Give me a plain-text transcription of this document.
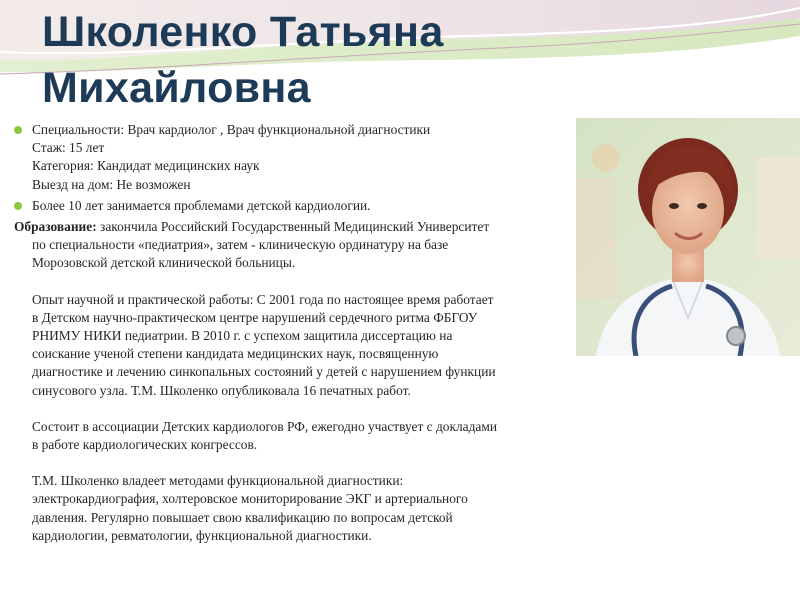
Школенко Татьяна Михайловна
Специальности: Врач кардиолог , Врач функциональной диагностики
Стаж: 15 лет
Категория: Кандидат медицинских наук
Выезд на дом: Не возможен
Более 10 лет занимается проблемами детской кардиологии.
Образование: закончила Российский Государственный Медицинский Университет
по специальности «педиатрия», затем - клиническую ординатуру на базе
Морозовской детской клинической больницы.
Опыт научной и практической работы: С 2001 года по настоящее время работает
в Детском научно-практическом центре нарушений сердечного ритма ФБГОУ
РНИМУ НИКИ педиатрии. В 2010 г. с успехом защитила диссертацию на
соискание ученой степени кандидата медицинских наук, посвященную
диагностике и лечению синкопальных состояний у детей с нарушением функции
синусового узла. Т.М. Школенко опубликовала 16 печатных работ.
Состоит в ассоциации Детских кардиологов РФ, ежегодно участвует с докладами
в работе кардиологических конгрессов.
Т.М. Школенко владеет методами функциональной диагностики:
электрокардиография, холтеровское мониторирование ЭКГ и артериального
давления. Регулярно повышает свою квалификацию по вопросам детской
кардиологии, ревматологии, функциональной диагностики.
